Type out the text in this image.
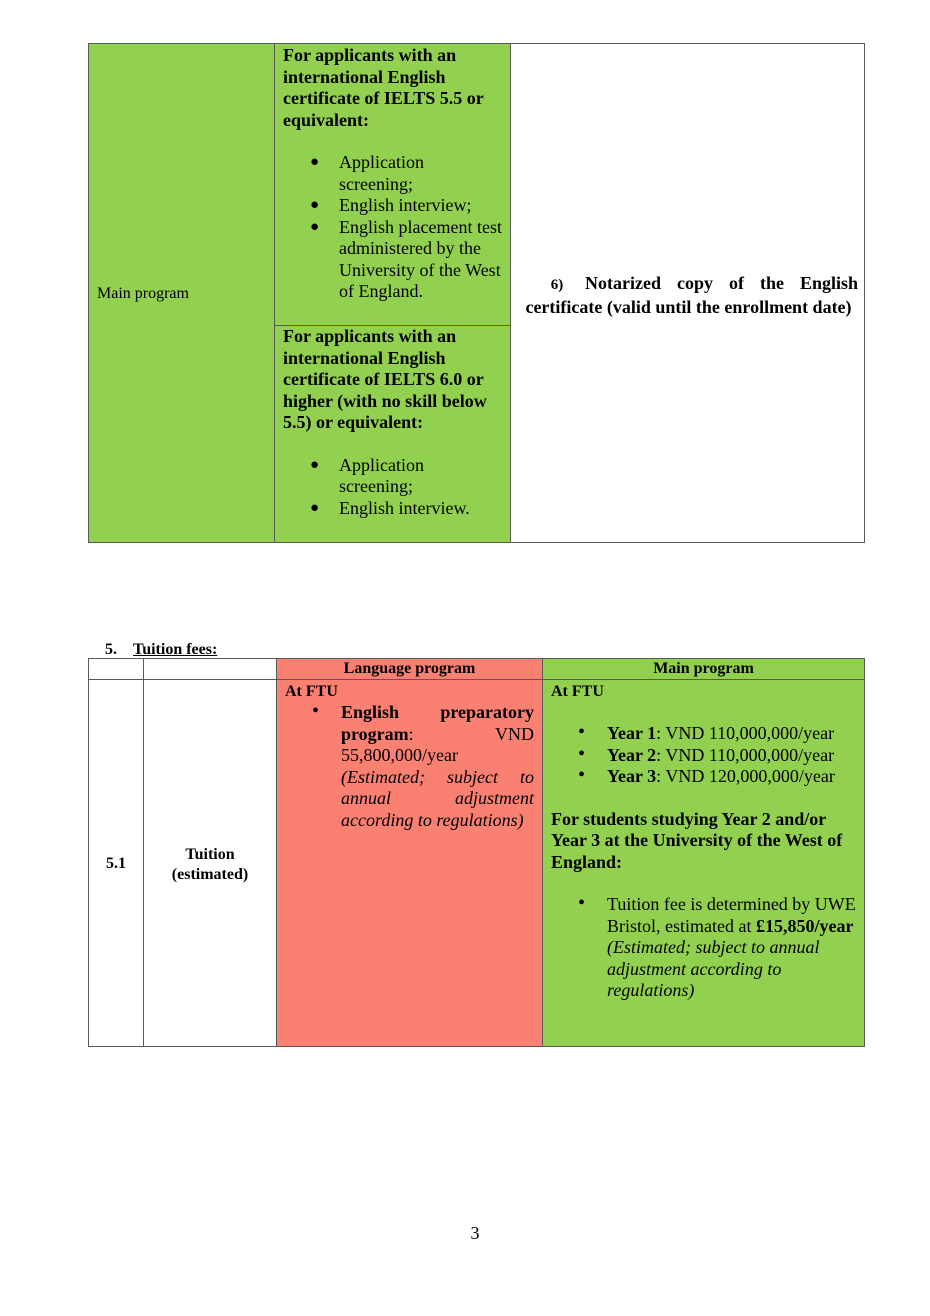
Main program
For applicants with an international English certificate of IELTS 5.5 or equivalent:
● Application screening;
● English interview;
● English placement test administered by the University of the West of England.
For applicants with an international English certificate of IELTS 6.0 or higher (with no skill below 5.5) or equivalent:
● Application screening;
● English interview.
6) Notarized copy of the English certificate (valid until the enrollment date)
5. Tuition fees:
Language program	Main program
5.1
Tuition (estimated)
At FTU
• English preparatory program:	VND 55,800,000/year
(Estimated; subject to annual adjustment according to regulations)
At FTU
• Year 1: VND 110,000,000/year
• Year 2: VND 110,000,000/year
• Year 3: VND 120,000,000/year
For students studying Year 2 and/or Year 3 at the University of the West of England:
• Tuition fee is determined by UWE Bristol, estimated at £15,850/year
(Estimated; subject to annual adjustment according to regulations)
3
